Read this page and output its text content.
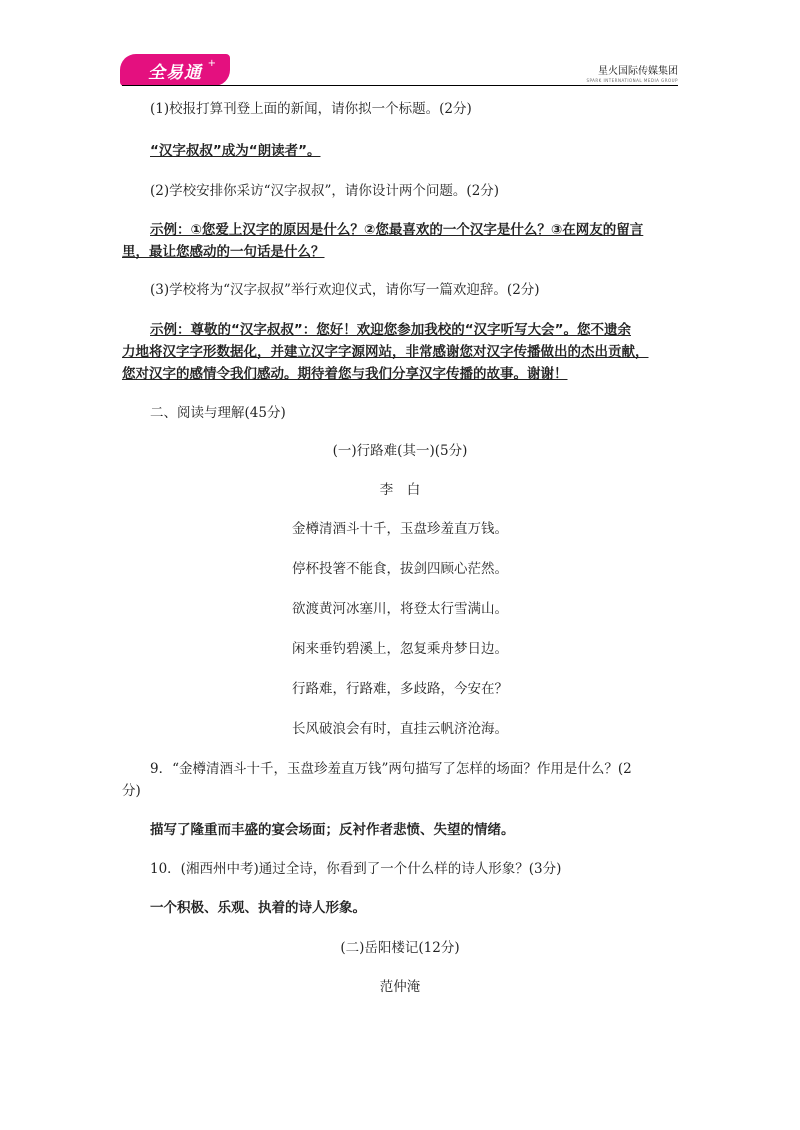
全易通 +
星火国际传媒集团
SPARK INTERNATIONAL MEDIA GROUP
(1)校报打算刊登上面的新闻，请你拟一个标题。(2分)
“汉字叔叔”成为“朗读者”。
(2)学校安排你采访“汉字叔叔”，请你设计两个问题。(2分)
示例：①您爱上汉字的原因是什么？②您最喜欢的一个汉字是什么？③在网友的留言
里，最让您感动的一句话是什么？
(3)学校将为“汉字叔叔”举行欢迎仪式，请你写一篇欢迎辞。(2分)
示例：尊敬的“汉字叔叔”：您好！欢迎您参加我校的“汉字听写大会”。您不遗余
力地将汉字字形数据化，并建立汉字字源网站，非常感谢您对汉字传播做出的杰出贡献，
您对汉字的感情令我们感动。期待着您与我们分享汉字传播的故事。谢谢！
二、阅读与理解(45分)
(一)行路难(其一)(5分)
李　白
金樽清酒斗十千，玉盘珍羞直万钱。
停杯投箸不能食，拔剑四顾心茫然。
欲渡黄河冰塞川，将登太行雪满山。
闲来垂钓碧溪上，忽复乘舟梦日边。
行路难，行路难，多歧路，今安在？
长风破浪会有时，直挂云帆济沧海。
9．“金樽清酒斗十千，玉盘珍羞直万钱”两句描写了怎样的场面？作用是什么？(2
分)
描写了隆重而丰盛的宴会场面；反衬作者悲愤、失望的情绪。
10．(湘西州中考)通过全诗，你看到了一个什么样的诗人形象？(3分)
一个积极、乐观、执着的诗人形象。
(二)岳阳楼记(12分)
范仲淹
